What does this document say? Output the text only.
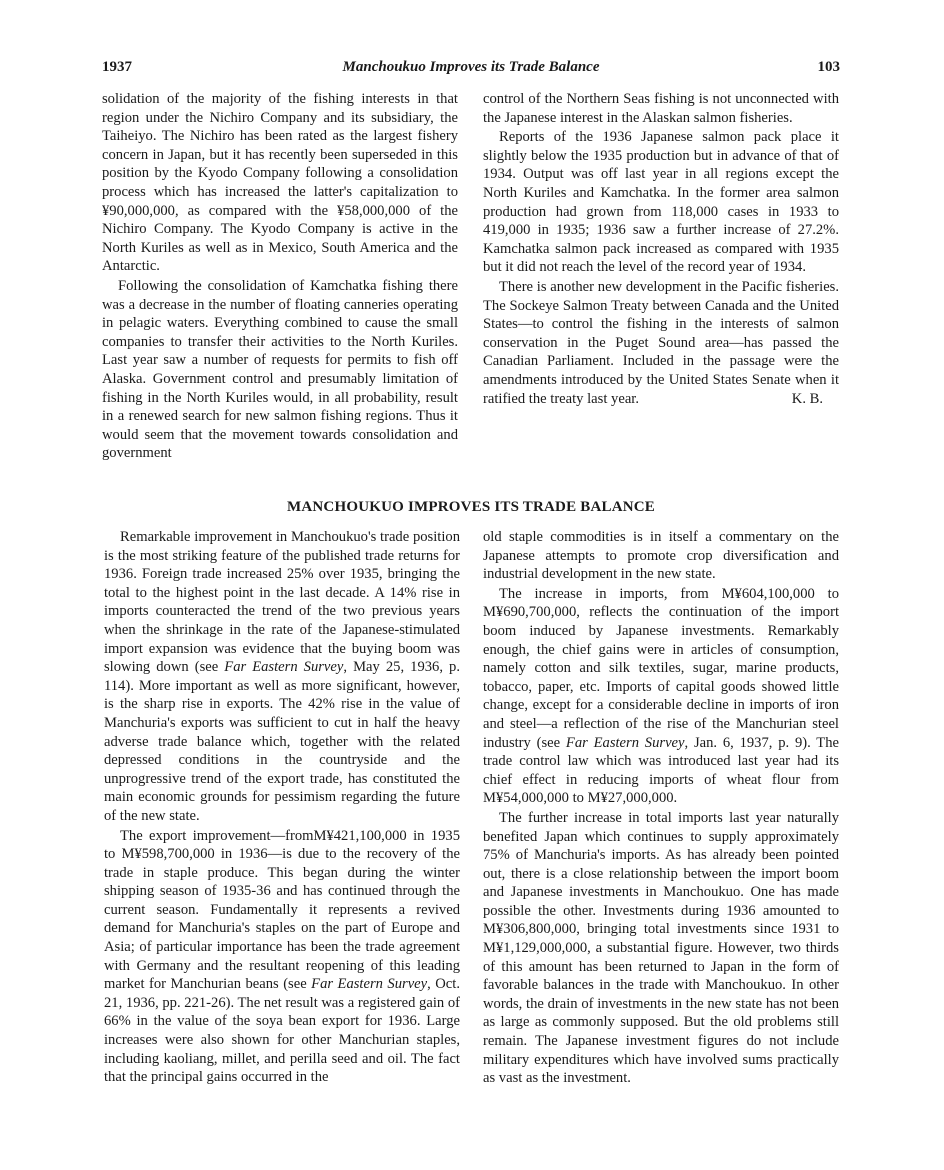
1937	Manchoukuo Improves its Trade Balance	103

solidation of the majority of the fishing interests in that region under the Nichiro Company and its subsidiary, the Taiheiyo. The Nichiro has been rated as the largest fishery concern in Japan, but it has recently been superseded in this position by the Kyodo Company following a consolidation process which has increased the latter's capitalization to ¥90,000,000, as compared with the ¥58,000,000 of the Nichiro Company. The Kyodo Company is active in the North Kuriles as well as in Mexico, South America and the Antarctic.

Following the consolidation of Kamchatka fishing there was a decrease in the number of floating canneries operating in pelagic waters. Everything combined to cause the small companies to transfer their activities to the North Kuriles. Last year saw a number of requests for permits to fish off Alaska. Government control and presumably limitation of fishing in the North Kuriles would, in all probability, result in a renewed search for new salmon fishing regions. Thus it would seem that the movement towards consolidation and government

control of the Northern Seas fishing is not unconnected with the Japanese interest in the Alaskan salmon fisheries.

Reports of the 1936 Japanese salmon pack place it slightly below the 1935 production but in advance of that of 1934. Output was off last year in all regions except the North Kuriles and Kamchatka. In the former area salmon production had grown from 118,000 cases in 1933 to 419,000 in 1935; 1936 saw a further increase of 27.2%. Kamchatka salmon pack increased as compared with 1935 but it did not reach the level of the record year of 1934.

There is another new development in the Pacific fisheries. The Sockeye Salmon Treaty between Canada and the United States—to control the fishing in the interests of salmon conservation in the Puget Sound area—has passed the Canadian Parliament. Included in the passage were the amendments introduced by the United States Senate when it ratified the treaty last year.	K. B.

MANCHOUKUO IMPROVES ITS TRADE BALANCE

Remarkable improvement in Manchoukuo's trade position is the most striking feature of the published trade returns for 1936. Foreign trade increased 25% over 1935, bringing the total to the highest point in the last decade. A 14% rise in imports counteracted the trend of the two previous years when the shrinkage in the rate of the Japanese-stimulated import expansion was evidence that the buying boom was slowing down (see Far Eastern Survey, May 25, 1936, p. 114). More important as well as more significant, however, is the sharp rise in exports. The 42% rise in the value of Manchuria's exports was sufficient to cut in half the heavy adverse trade balance which, together with the related depressed conditions in the countryside and the unprogressive trend of the export trade, has constituted the main economic grounds for pessimism regarding the future of the new state.

The export improvement—fromM¥421,100,000 in 1935 to M¥598,700,000 in 1936—is due to the recovery of the trade in staple produce. This began during the winter shipping season of 1935-36 and has continued through the current season. Fundamentally it represents a revived demand for Manchuria's staples on the part of Europe and Asia; of particular importance has been the trade agreement with Germany and the resultant reopening of this leading market for Manchurian beans (see Far Eastern Survey, Oct. 21, 1936, pp. 221-26). The net result was a registered gain of 66% in the value of the soya bean export for 1936. Large increases were also shown for other Manchurian staples, including kaoliang, millet, and perilla seed and oil. The fact that the principal gains occurred in the

old staple commodities is in itself a commentary on the Japanese attempts to promote crop diversification and industrial development in the new state.

The increase in imports, from M¥604,100,000 to M¥690,700,000, reflects the continuation of the import boom induced by Japanese investments. Remarkably enough, the chief gains were in articles of consumption, namely cotton and silk textiles, sugar, marine products, tobacco, paper, etc. Imports of capital goods showed little change, except for a considerable decline in imports of iron and steel—a reflection of the rise of the Manchurian steel industry (see Far Eastern Survey, Jan. 6, 1937, p. 9). The trade control law which was introduced last year had its chief effect in reducing imports of wheat flour from M¥54,000,000 to M¥27,000,000.

The further increase in total imports last year naturally benefited Japan which continues to supply approximately 75% of Manchuria's imports. As has already been pointed out, there is a close relationship between the import boom and Japanese investments in Manchoukuo. One has made possible the other. Investments during 1936 amounted to M¥306,800,000, bringing total investments since 1931 to M¥1,129,000,000, a substantial figure. However, two thirds of this amount has been returned to Japan in the form of favorable balances in the trade with Manchoukuo. In other words, the drain of investments in the new state has not been as large as commonly supposed. But the old problems still remain. The Japanese investment figures do not include military expenditures which have involved sums practically as vast as the investment.
